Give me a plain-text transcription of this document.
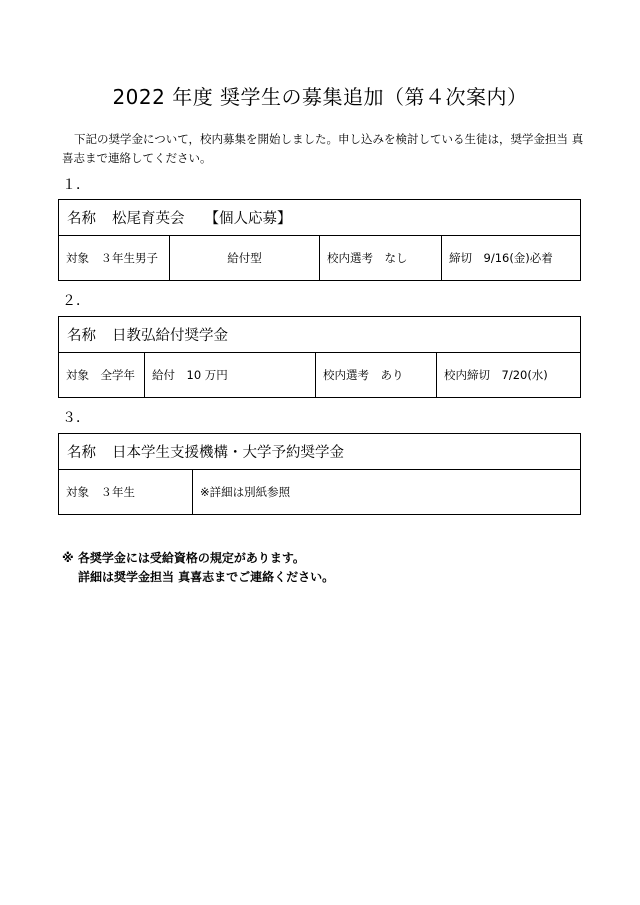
2022 年度 奨学生の募集追加（第４次案内）

下記の奨学金について，校内募集を開始しました。申し込みを検討している生徒は，奨学金担当 真喜志まで連絡してください。

１．
名称 松尾育英会 【個人応募】
対象　３年生男子	給付型	校内選考　なし	締切　9/16(金)必着
２．
名称 日教弘給付奨学金
対象　全学年	給付　10 万円	校内選考　あり	校内締切　7/20(水)
３．
名称 日本学生支援機構・大学予約奨学金
対象　３年生	※詳細は別紙参照
※ 各奨学金には受給資格の規定があります。
詳細は奨学金担当 真喜志までご連絡ください。
